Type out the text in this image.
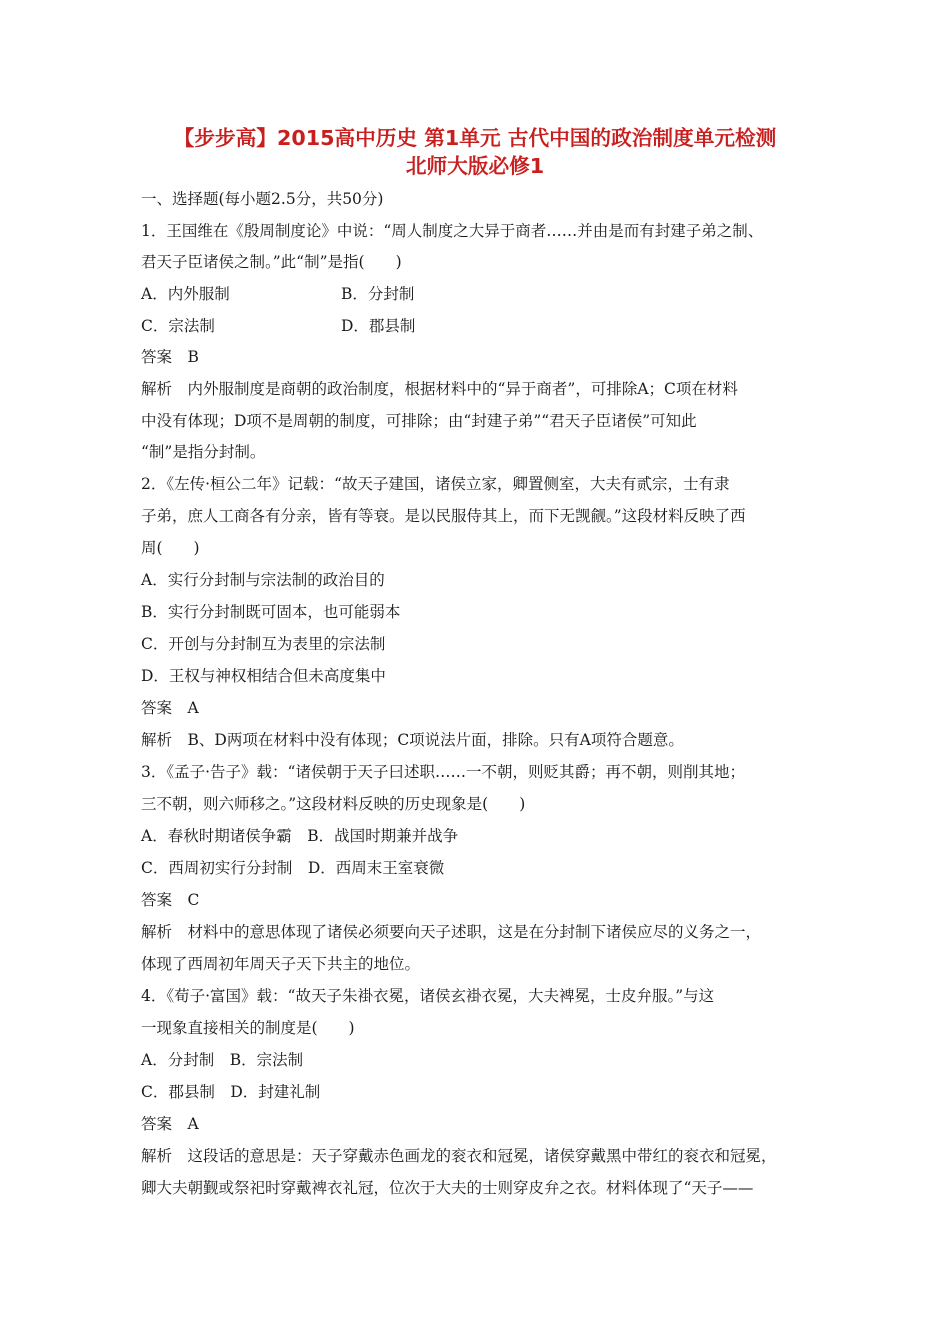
【步步高】2015高中历史 第1单元 古代中国的政治制度单元检测
北师大版必修1
一、选择题(每小题2.5分，共50分)
1．王国维在《殷周制度论》中说：“周人制度之大异于商者……并由是而有封建子弟之制、
君天子臣诸侯之制。”此“制”是指(　　)
A．内外服制	B．分封制
C．宗法制	D．郡县制
答案　B
解析　内外服制度是商朝的政治制度，根据材料中的“异于商者”，可排除A；C项在材料
中没有体现；D项不是周朝的制度，可排除；由“封建子弟”“君天子臣诸侯”可知此
“制”是指分封制。
2．《左传·桓公二年》记载：“故天子建国，诸侯立家，卿置侧室，大夫有贰宗，士有隶
子弟，庶人工商各有分亲，皆有等衰。是以民服侍其上，而下无觊觎。”这段材料反映了西
周(　　)
A．实行分封制与宗法制的政治目的
B．实行分封制既可固本，也可能弱本
C．开创与分封制互为表里的宗法制
D．王权与神权相结合但未高度集中
答案　A
解析　B、D两项在材料中没有体现；C项说法片面，排除。只有A项符合题意。
3．《孟子·告子》载：“诸侯朝于天子曰述职……一不朝，则贬其爵；再不朝，则削其地；
三不朝，则六师移之。”这段材料反映的历史现象是(　　)
A．春秋时期诸侯争霸　B．战国时期兼并战争
C．西周初实行分封制　D．西周末王室衰微
答案　C
解析　材料中的意思体现了诸侯必须要向天子述职，这是在分封制下诸侯应尽的义务之一，
体现了西周初年周天子天下共主的地位。
4．《荀子·富国》载：“故天子朱褂衣冕，诸侯玄褂衣冕，大夫裨冕，士皮弁服。”与这
一现象直接相关的制度是(　　)
A．分封制　B．宗法制
C．郡县制　D．封建礼制
答案　A
解析　这段话的意思是：天子穿戴赤色画龙的衮衣和冠冕，诸侯穿戴黑中带红的衮衣和冠冕，
卿大夫朝觐或祭祀时穿戴裨衣礼冠，位次于大夫的士则穿皮弁之衣。材料体现了“天子——
